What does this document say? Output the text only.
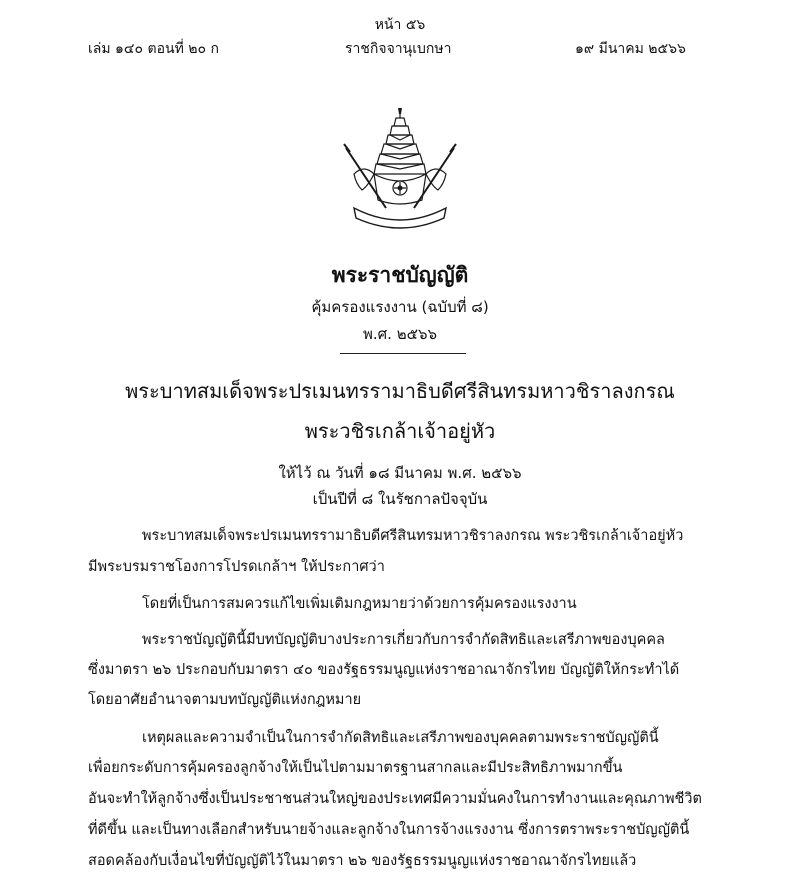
หน้า ๕๖
เล่ม ๑๔๐ ตอนที่ ๒๐ ก	ราชกิจจานุเบกษา	๑๙ มีนาคม ๒๕๖๖
พระราชบัญญัติ
คุ้มครองแรงงาน (ฉบับที่ ๘)
พ.ศ. ๒๕๖๖
พระบาทสมเด็จพระปรเมนทรรามาธิบดีศรีสินทรมหาวชิราลงกรณ
พระวชิรเกล้าเจ้าอยู่หัว
ให้ไว้ ณ วันที่ ๑๘ มีนาคม พ.ศ. ๒๕๖๖
เป็นปีที่ ๘ ในรัชกาลปัจจุบัน
พระบาทสมเด็จพระปรเมนทรรามาธิบดีศรีสินทรมหาวชิราลงกรณ พระวชิรเกล้าเจ้าอยู่หัว
มีพระบรมราชโองการโปรดเกล้าฯ ให้ประกาศว่า
โดยที่เป็นการสมควรแก้ไขเพิ่มเติมกฎหมายว่าด้วยการคุ้มครองแรงงาน
พระราชบัญญัตินี้มีบทบัญญัติบางประการเกี่ยวกับการจำกัดสิทธิและเสรีภาพของบุคคล
ซึ่งมาตรา ๒๖ ประกอบกับมาตรา ๔๐ ของรัฐธรรมนูญแห่งราชอาณาจักรไทย บัญญัติให้กระทำได้
โดยอาศัยอำนาจตามบทบัญญัติแห่งกฎหมาย
เหตุผลและความจำเป็นในการจำกัดสิทธิและเสรีภาพของบุคคลตามพระราชบัญญัตินี้
เพื่อยกระดับการคุ้มครองลูกจ้างให้เป็นไปตามมาตรฐานสากลและมีประสิทธิภาพมากขึ้น
อันจะทำให้ลูกจ้างซึ่งเป็นประชาชนส่วนใหญ่ของประเทศมีความมั่นคงในการทำงานและคุณภาพชีวิต
ที่ดีขึ้น และเป็นทางเลือกสำหรับนายจ้างและลูกจ้างในการจ้างแรงงาน ซึ่งการตราพระราชบัญญัตินี้
สอดคล้องกับเงื่อนไขที่บัญญัติไว้ในมาตรา ๒๖ ของรัฐธรรมนูญแห่งราชอาณาจักรไทยแล้ว
